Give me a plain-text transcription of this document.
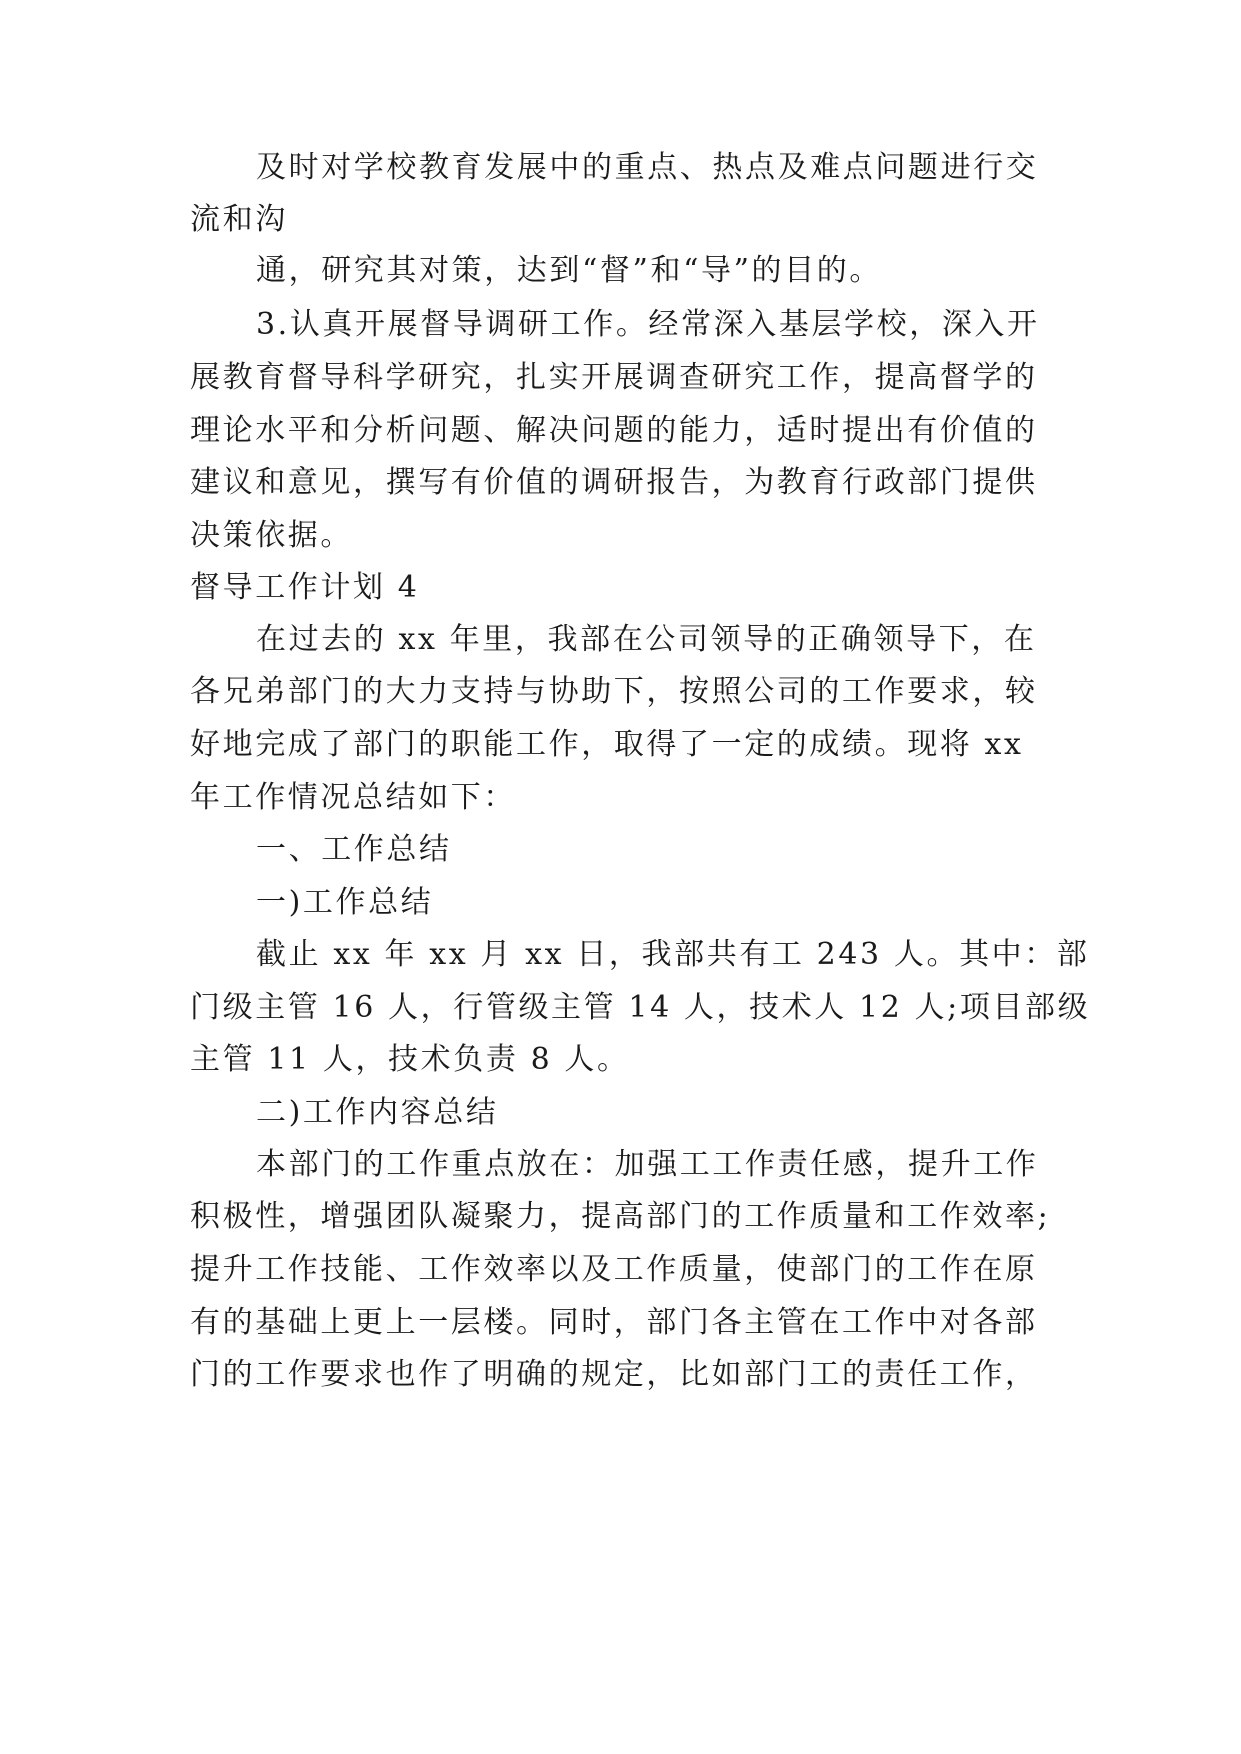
及时对学校教育发展中的重点、热点及难点问题进行交
流和沟
通，研究其对策，达到“督”和“导”的目的。
3.认真开展督导调研工作。经常深入基层学校，深入开
展教育督导科学研究，扎实开展调查研究工作，提高督学的
理论水平和分析问题、解决问题的能力，适时提出有价值的
建议和意见，撰写有价值的调研报告，为教育行政部门提供
决策依据。
督导工作计划 4
在过去的 xx 年里，我部在公司领导的正确领导下，在
各兄弟部门的大力支持与协助下，按照公司的工作要求，较
好地完成了部门的职能工作，取得了一定的成绩。现将 xx
年工作情况总结如下：
一、工作总结
一)工作总结
截止 xx 年 xx 月 xx 日，我部共有工 243 人。其中：部
门级主管 16 人，行管级主管 14 人，技术人 12 人;项目部级
主管 11 人，技术负责 8 人。
二)工作内容总结
本部门的工作重点放在：加强工工作责任感，提升工作
积极性，增强团队凝聚力，提高部门的工作质量和工作效率;
提升工作技能、工作效率以及工作质量，使部门的工作在原
有的基础上更上一层楼。同时，部门各主管在工作中对各部
门的工作要求也作了明确的规定，比如部门工的责任工作，
